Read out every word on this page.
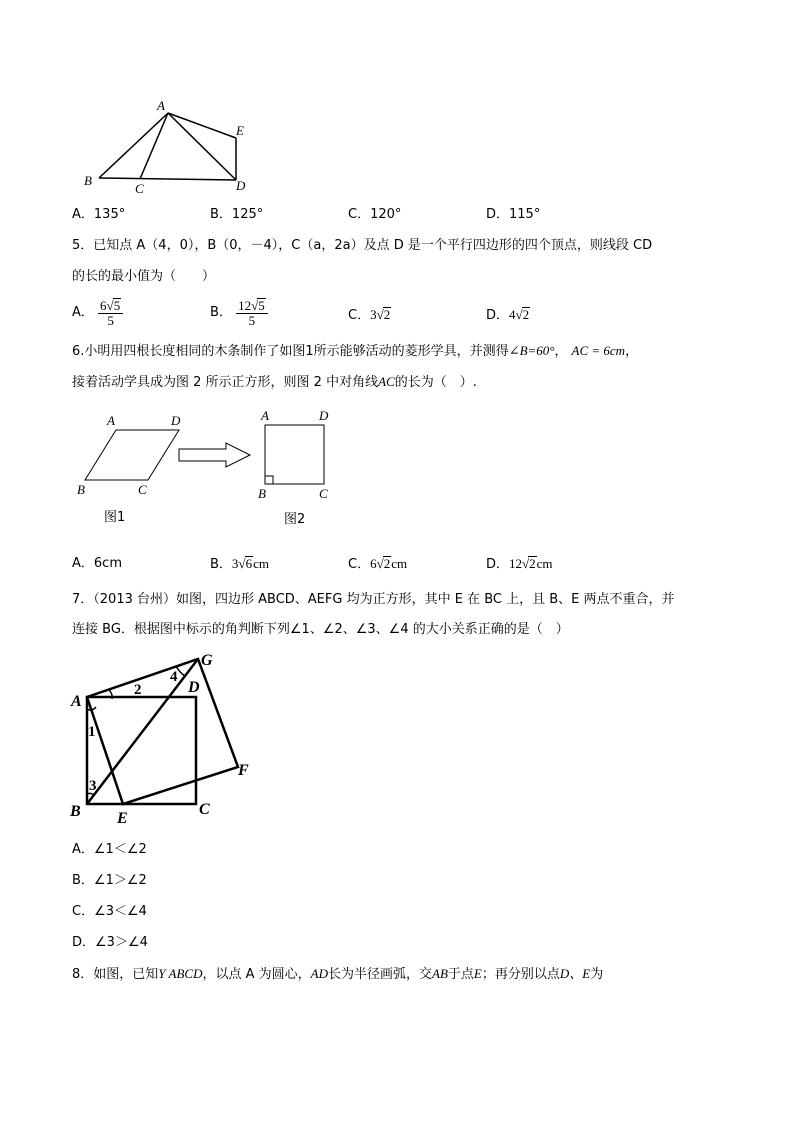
A
B
C	D
E
A．135°	B．125°	C．120°	D．115°
5．已知点 A（4，0），B（0，－4），C（a，2a）及点 D 是一个平行四边形的四个顶点，则线段 CD
的长的最小值为（　　）
A． $\frac{6√5}{5}$	B． $\frac{12√5}{5}$	C．3√2	D．4√2
6.小明用四根长度相同的木条制作了如图1所示能够活动的菱形学具，并测得∠B=60°， AC = 6cm，
接着活动学具成为图 2 所示正方形，则图 2 中对角线AC的长为（　）.
A	D
B	C
图1
A	D
B	C
图2
A．6cm	B．3√6cm	C．6√2cm	D．12√2cm
7．（2013 台州）如图，四边形 ABCD、AEFG 均为正方形，其中 E 在 BC 上，且 B、E 两点不重合，并
连接 BG．根据图中标示的角判断下列∠1、∠2、∠3、∠4 的大小关系正确的是（　）
A
G
D
F
B E
C
2
4
1
3
A．∠1＜∠2
B．∠1＞∠2
C．∠3＜∠4
D．∠3＞∠4
8．如图，已知Y ABCD，以点 A 为圆心，AD长为半径画弧，交AB于点E；再分别以点D、E为
